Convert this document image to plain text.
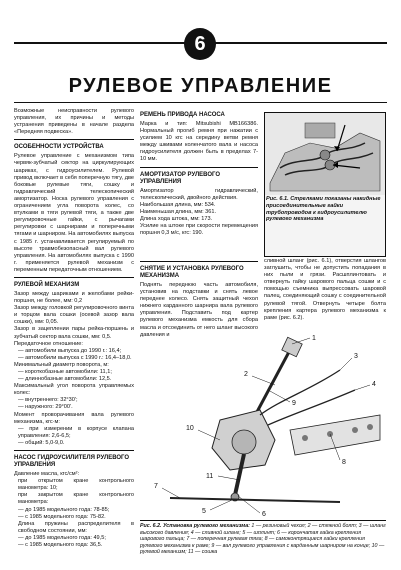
6
РУЛЕВОЕ УПРАВЛЕНИЕ

Возможные неисправности рулевого управления, их причины и методы устранения приведены в начале раздела «Передняя подвеска».

ОСОБЕННОСТИ УСТРОЙСТВА

Рулевое управление с механизмом типа червяк-зубчатый сектор на циркулирующих шариках, с гидроусилителем. Рулевой привод включает в себя поперечную тягу, две боковые рулевые тяги, сошку и гидравлический телескопический амортизатор. Носка рулевого управления с ограничением угла поворота колес, со втулками в тяги рулевой тяги, а также две регулировочные гайки, с рычагами регулировки с шарнирами и поперечными тягами и шарниром. На автомобилях выпуска с 1985 г. устанавливается регулируемый по высоте травмобезопасный вал рулевого управления. На автомобилях выпуска с 1990 г. применяется рулевой механизм с переменным передаточным отношением.

РУЛЕВОЙ МЕХАНИЗМ

Зазор между шариками и желобами рейки-поршня, не более, мм: 0,2

Зазор между головкой регулировочного винта и торцом вала сошки (осевой зазор вала сошки), мм: 0,05.

Зазор в зацеплении пары рейка-поршень и зубчатый сектор вала сошки, мм: 0,5.

Передаточное отношение:

— автомобили выпуска до 1990 г.: 16,4;

— автомобили выпуска с 1990 г.: 16,4–18,0.

Минимальный диаметр поворота, м:

— короткобазные автомобили: 11,1;

— длиннобазные автомобили: 12,5.

Максимальный угол поворота управляемых колес:

— внутреннего: 32°30';

— наружного: 29°00'.

Момент проворачивания вала рулевого механизма, кгс·м:

— при измерении в корпусе клапана управления: 2,6-6,5;

— общий: 5,0-9,0.

НАСОС ГИДРОУСИЛИТЕЛЯ РУЛЕВОГО УПРАВЛЕНИЯ

Давление масла, кгс/см²:

при открытом кране контрольного манометра: 10;

при закрытом кране контрольного манометра:

— до 1985 модельного года: 78-85;

— с 1985 модельного года: 75-82.

Длина пружины распределителя в свободном состоянии, мм:

— до 1985 модельного года: 49,5;

— с 1985 модельного года: 36,5.

РЕМЕНЬ ПРИВОДА НАСОСА

Марка и тип: Mitsubishi MB166386. Нормальный прогиб ремня при нажатии с усилием 10 кгс на середину ветви ремня между шкивами коленчатого вала и насоса гидроусилителя должен быть в пределах 7-10 мм.

АМОРТИЗАТОР РУЛЕВОГО УПРАВЛЕНИЯ

Амортизатор гидравлический, телескопический, двойного действия.

Наибольшая длина, мм: 534.

Наименьшая длина, мм: 361.

Длина хода штока, мм: 173.

Усилие на штоке при скорости перемещения поршня 0,3 м/с, кгс: 190.

Рис. 6.1. Стрелками показаны накидные присоединительные гайки трубопроводов к гидроусилителю рулевого механизма
СНЯТИЕ И УСТАНОВКА РУЛЕВОГО МЕХАНИЗМА

Поднять переднюю часть автомобиля, установив на подставки и снять левое переднее колесо. Снять защитный чехол нижнего карданного шарнира вала рулевого управления. Подставить под картер рулевого механизма емкость для сбора масла и отсоединить от него шланг высокого давления и

сливной шланг (рис. 6.1), отверстия шлангов заглушить, чтобы не допустить попадания в них пыли и грязи. Расшплинтовать и отвернуть гайку шарового пальца сошки и с помощью съемника выпрессовать шаровой палец, соединяющий сошку с соединительной рулевой тягой. Отвернуть четыре болта крепления картера рулевого механизма к раме (рис. 6.2).

1
2
3
4
5	6
7
8
9
10
11
Рис. 6.2. Установка рулевого механизма: 1 — резиновый чехол; 2 — стяжной болт; 3 — шланг высокого давления; 4 — сливной шланг; 5 — шплинт; 6 — корончатая гайка крепления шарового пальца; 7 — поперечная рулевая тяга; 8 — самоконтрящиеся гайки крепления рулевого механизма к раме; 9 — вал рулевого управления с карданным шарниром на конце; 10 — рулевой механизм; 11 — сошка
